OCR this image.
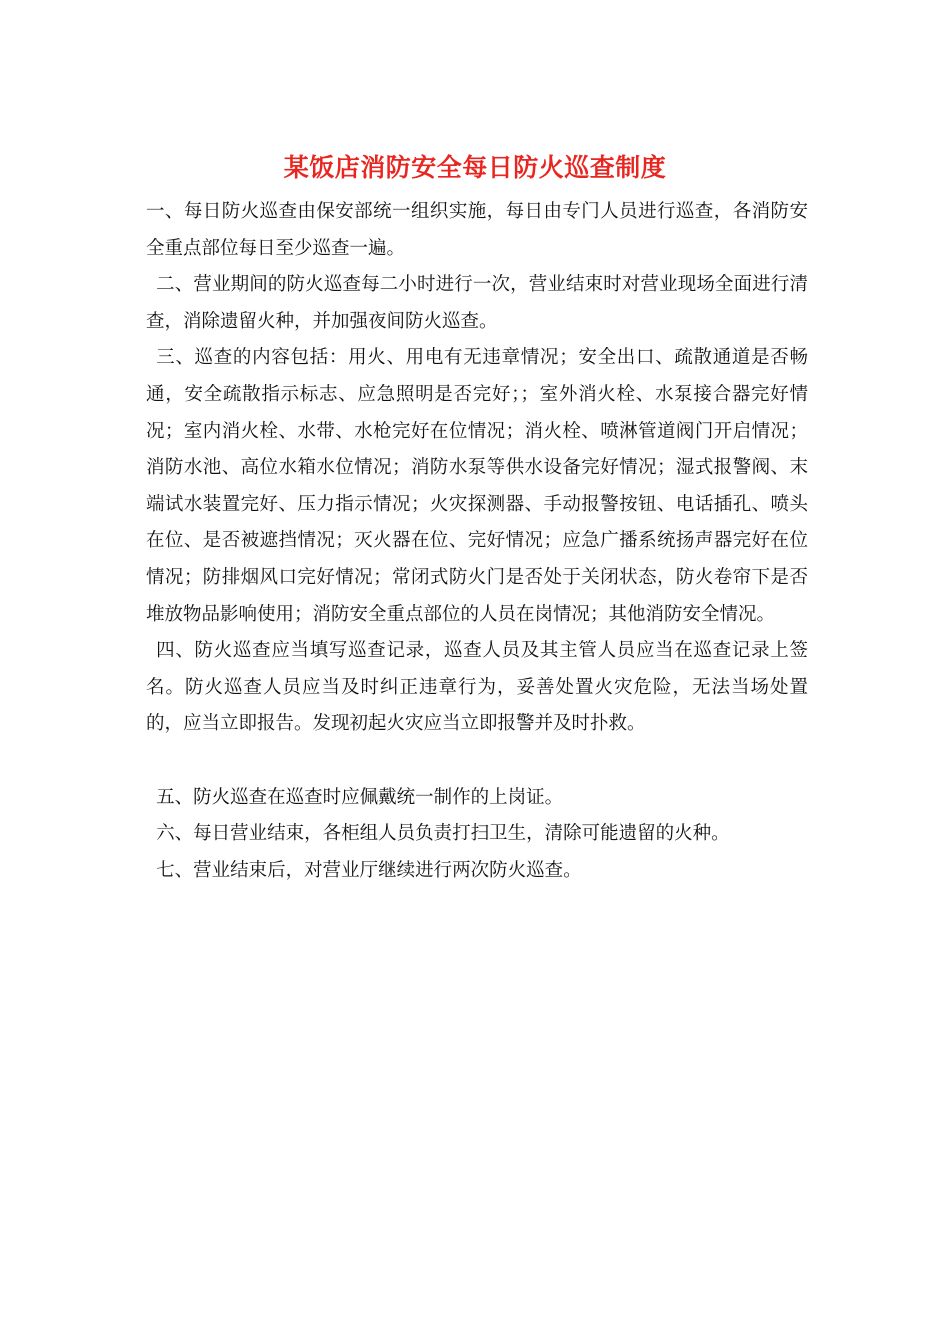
某饭店消防安全每日防火巡查制度

一、每日防火巡查由保安部统一组织实施，每日由专门人员进行巡查，各消防安全重点部位每日至少巡查一遍。

二、营业期间的防火巡查每二小时进行一次，营业结束时对营业现场全面进行清查，消除遗留火种，并加强夜间防火巡查。

三、巡查的内容包括：用火、用电有无违章情况；安全出口、疏散通道是否畅通，安全疏散指示标志、应急照明是否完好；；室外消火栓、水泵接合器完好情况；室内消火栓、水带、水枪完好在位情况；消火栓、喷淋管道阀门开启情况；消防水池、高位水箱水位情况；消防水泵等供水设备完好情况；湿式报警阀、末端试水装置完好、压力指示情况；火灾探测器、手动报警按钮、电话插孔、喷头在位、是否被遮挡情况；灭火器在位、完好情况；应急广播系统扬声器完好在位情况；防排烟风口完好情况；常闭式防火门是否处于关闭状态，防火卷帘下是否堆放物品影响使用；消防安全重点部位的人员在岗情况；其他消防安全情况。

四、防火巡查应当填写巡查记录，巡查人员及其主管人员应当在巡查记录上签名。防火巡查人员应当及时纠正违章行为，妥善处置火灾危险，无法当场处置的，应当立即报告。发现初起火灾应当立即报警并及时扑救。

五、防火巡查在巡查时应佩戴统一制作的上岗证。

六、每日营业结束，各柜组人员负责打扫卫生，清除可能遗留的火种。

七、营业结束后，对营业厅继续进行两次防火巡查。
